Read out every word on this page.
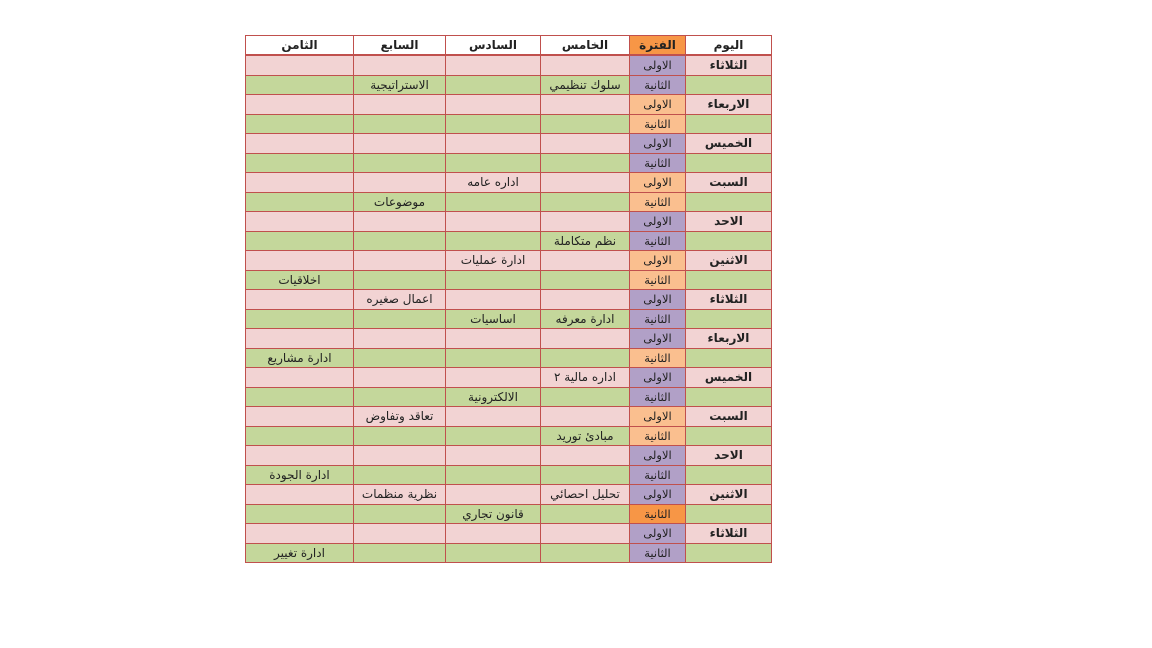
اليوم	الفترة	الخامس	السادس	السابع	الثامن
الثلاثاء	الاولى				
	الثانية	سلوك تنظيمي		الاستراتيجية	
الاربعاء	الاولى				
	الثانية				
الخميس	الاولى				
	الثانية				
السبت	الاولى		اداره عامه		
	الثانية			موضوعات	
الاحد	الاولى				
	الثانية	نظم متكاملة			
الاثنين	الاولى		ادارة عمليات		
	الثانية				اخلاقيات
الثلاثاء	الاولى			اعمال صغيره	
	الثانية	ادارة معرفه	اساسيات		
الاربعاء	الاولى				
	الثانية				ادارة مشاريع
الخميس	الاولى	اداره مالية ٢			
	الثانية		الالكترونية		
السبت	الاولى			تعاقد وتفاوض	
	الثانية	مبادئ توريد			
الاحد	الاولى				
	الثانية				ادارة الجودة
الاثنين	الاولى	تحليل احصائي		نظرية منظمات	
	الثانية		قانون تجاري		
الثلاثاء	الاولى				
	الثانية				ادارة تغيير
